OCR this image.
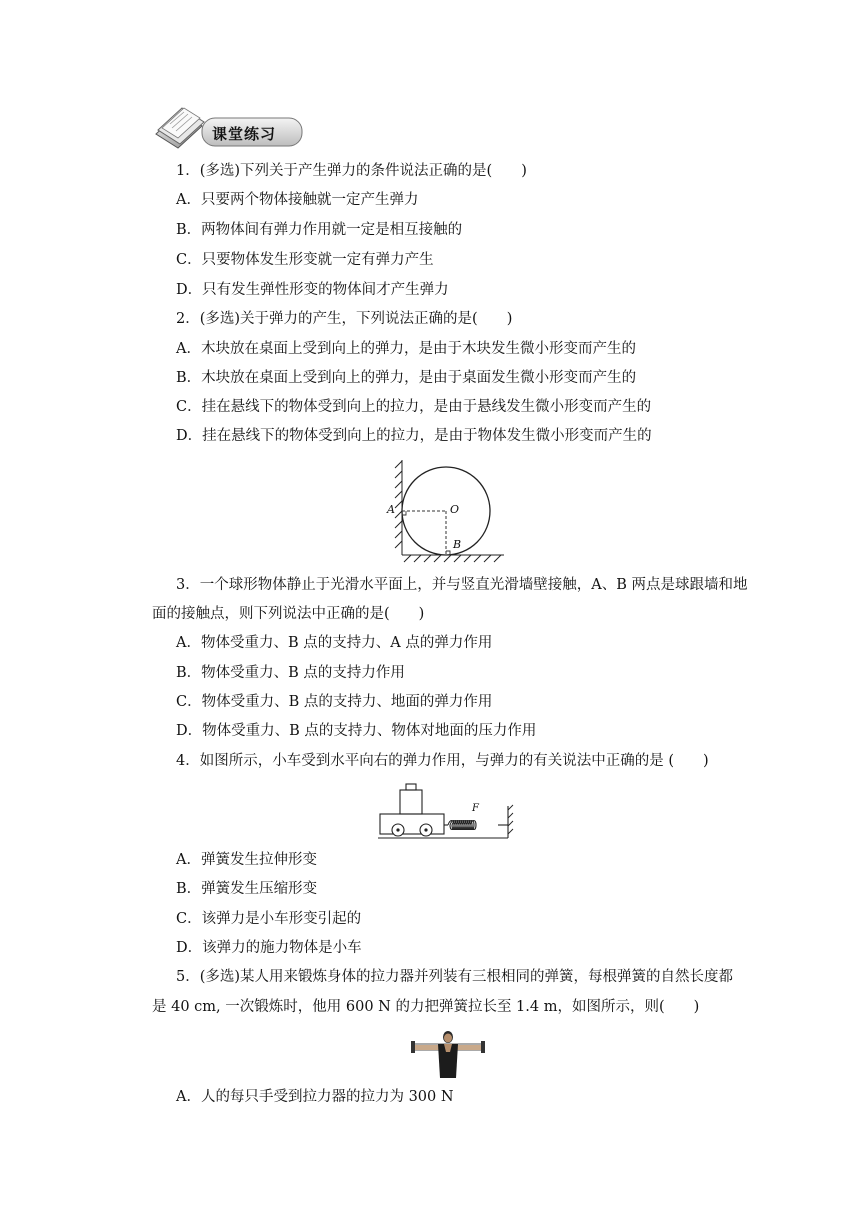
课堂练习
1．(多选)下列关于产生弹力的条件说法正确的是(　　)
A．只要两个物体接触就一定产生弹力
B．两物体间有弹力作用就一定是相互接触的
C．只要物体发生形变就一定有弹力产生
D．只有发生弹性形变的物体间才产生弹力
2．(多选)关于弹力的产生，下列说法正确的是(　　)
A．木块放在桌面上受到向上的弹力，是由于木块发生微小形变而产生的
B．木块放在桌面上受到向上的弹力，是由于桌面发生微小形变而产生的
C．挂在悬线下的物体受到向上的拉力，是由于悬线发生微小形变而产生的
D．挂在悬线下的物体受到向上的拉力，是由于物体发生微小形变而产生的
A	O
B
3．一个球形物体静止于光滑水平面上，并与竖直光滑墙壁接触，A、B 两点是球跟墙和地
面的接触点，则下列说法中正确的是(　　)
A．物体受重力、B 点的支持力、A 点的弹力作用
B．物体受重力、B 点的支持力作用
C．物体受重力、B 点的支持力、地面的弹力作用
D．物体受重力、B 点的支持力、物体对地面的压力作用
4．如图所示，小车受到水平向右的弹力作用，与弹力的有关说法中正确的是 (　　)
F
A．弹簧发生拉伸形变
B．弹簧发生压缩形变
C．该弹力是小车形变引起的
D．该弹力的施力物体是小车
5．(多选)某人用来锻炼身体的拉力器并列装有三根相同的弹簧，每根弹簧的自然长度都
是 40 cm, 一次锻炼时，他用 600 N 的力把弹簧拉长至 1.4 m，如图所示，则(　　)
A．人的每只手受到拉力器的拉力为 300 N
